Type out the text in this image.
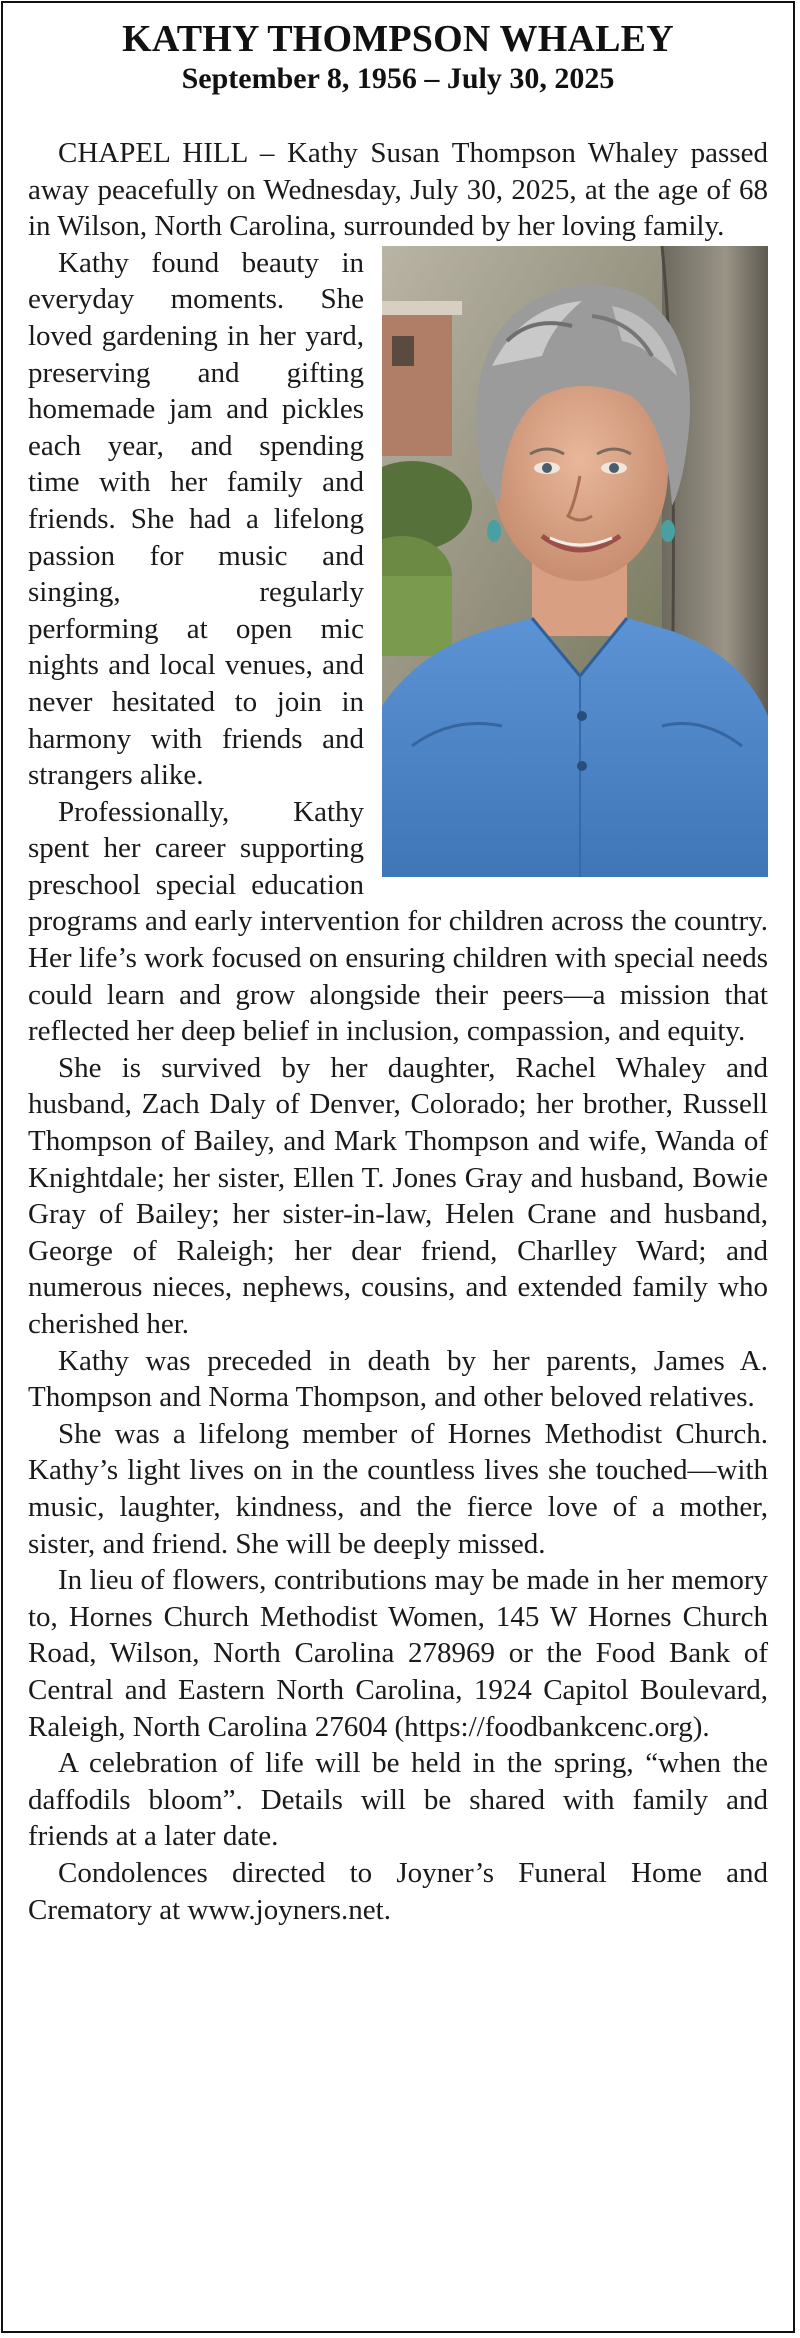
KATHY THOMPSON WHALEY
September 8, 1956 – July 30, 2025

CHAPEL HILL – Kathy Susan Thompson Whaley passed away peacefully on Wednesday, July 30, 2025, at the age of 68 in Wilson, North Carolina, surrounded by her loving family.

Kathy found beauty in everyday moments. She loved gardening in her yard, preserving and gifting homemade jam and pickles each year, and spending time with her family and friends. She had a lifelong passion for music and singing, regularly performing at open mic nights and local venues, and never hesitated to join in harmony with friends and strangers alike.

Professionally, Kathy spent her career supporting preschool special education programs and early intervention for children across the country. Her life’s work focused on ensuring children with special needs could learn and grow alongside their peers—a mission that reflected her deep belief in inclusion, compassion, and equity.

She is survived by her daughter, Rachel Whaley and husband, Zach Daly of Denver, Colorado; her brother, Russell Thompson of Bailey, and Mark Thompson and wife, Wanda of Knightdale; her sister, Ellen T. Jones Gray and husband, Bowie Gray of Bailey; her sister-in-law, Helen Crane and husband, George of Raleigh; her dear friend, Charlley Ward; and numerous nieces, nephews, cousins, and extended family who cherished her.

Kathy was preceded in death by her parents, James A. Thompson and Norma Thompson, and other beloved relatives.

She was a lifelong member of Hornes Methodist Church. Kathy’s light lives on in the countless lives she touched—with music, laughter, kindness, and the fierce love of a mother, sister, and friend. She will be deeply missed.

In lieu of flowers, contributions may be made in her memory to, Hornes Church Methodist Women, 145 W Hornes Church Road, Wilson, North Carolina 278969 or the Food Bank of Central and Eastern North Carolina, 1924 Capitol Boulevard, Raleigh, North Carolina 27604 (https://foodbankcenc.org).

A celebration of life will be held in the spring, “when the daffodils bloom”. Details will be shared with family and friends at a later date.

Condolences directed to Joyner’s Funeral Home and Crematory at www.joyners.net.
